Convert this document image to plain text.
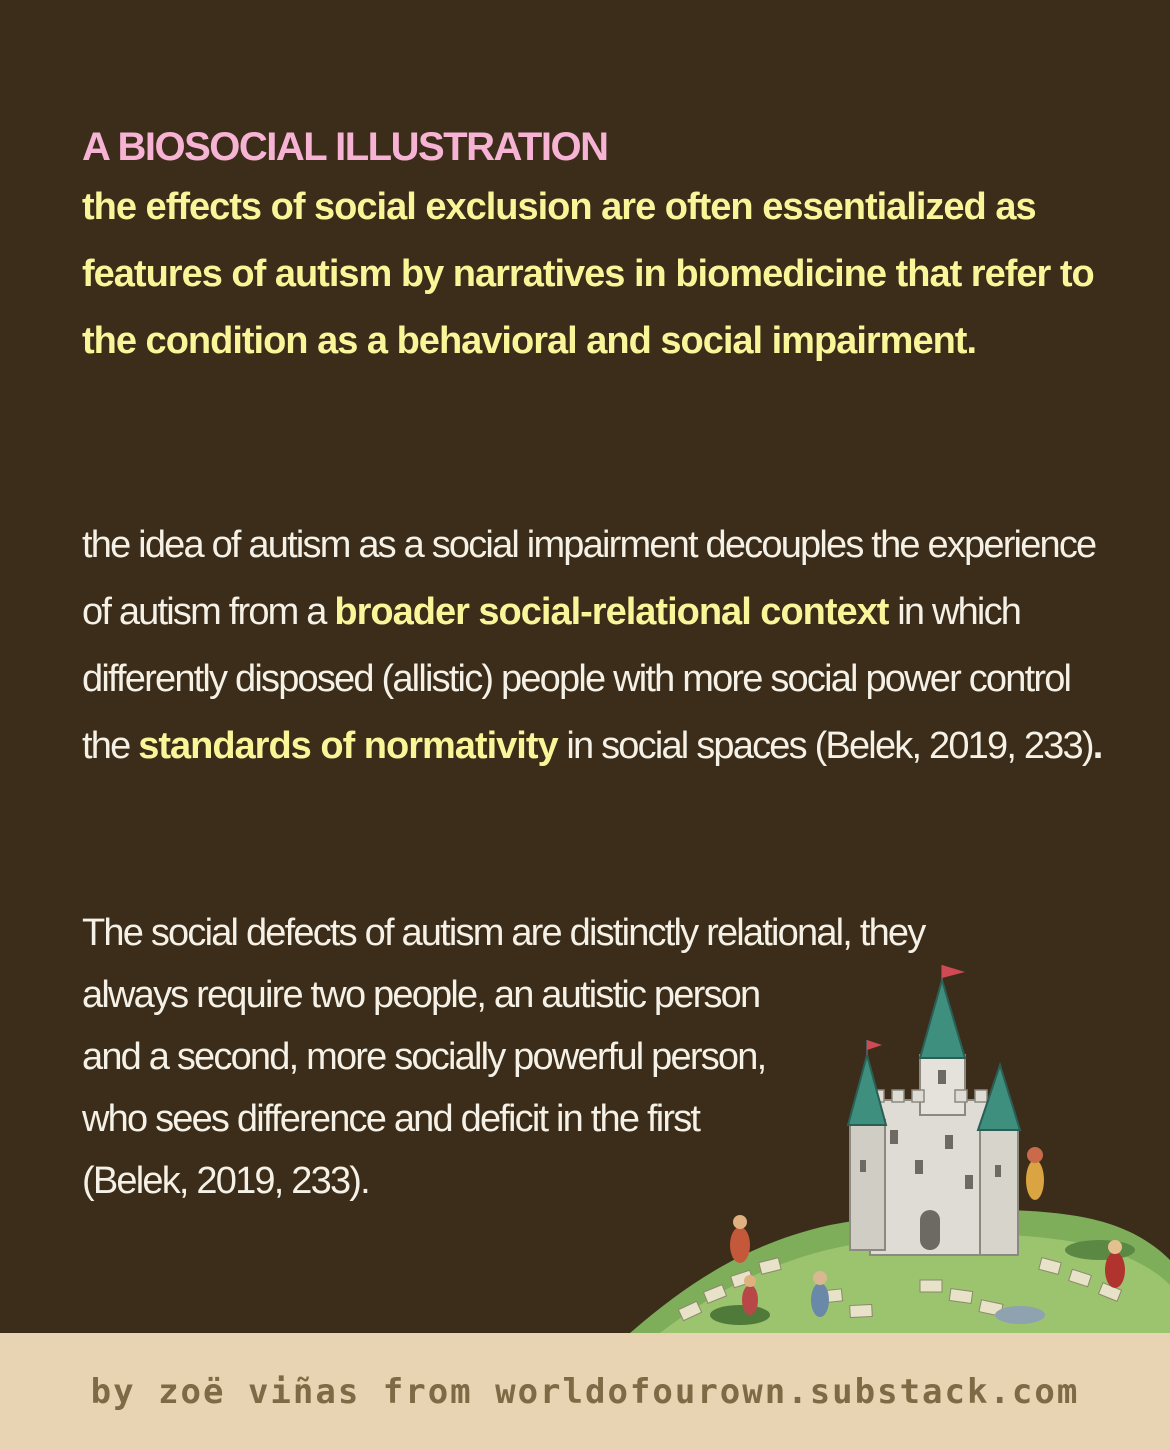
A BIOSOCIAL ILLUSTRATION

the effects of social exclusion are often essentialized as features of autism by narratives in biomedicine that refer to the condition as a behavioral and social impairment.

the idea of autism as a social impairment decouples the experience of autism from a broader social-relational context in which differently disposed (allistic) people with more social power control the standards of normativity in social spaces (Belek, 2019, 233).

The social defects of autism are distinctly relational, they
always require two people, an autistic person
and a second, more socially powerful person,
who sees difference and deficit in the first
(Belek, 2019, 233).

by zoë viñas from worldofourown.substack.com
